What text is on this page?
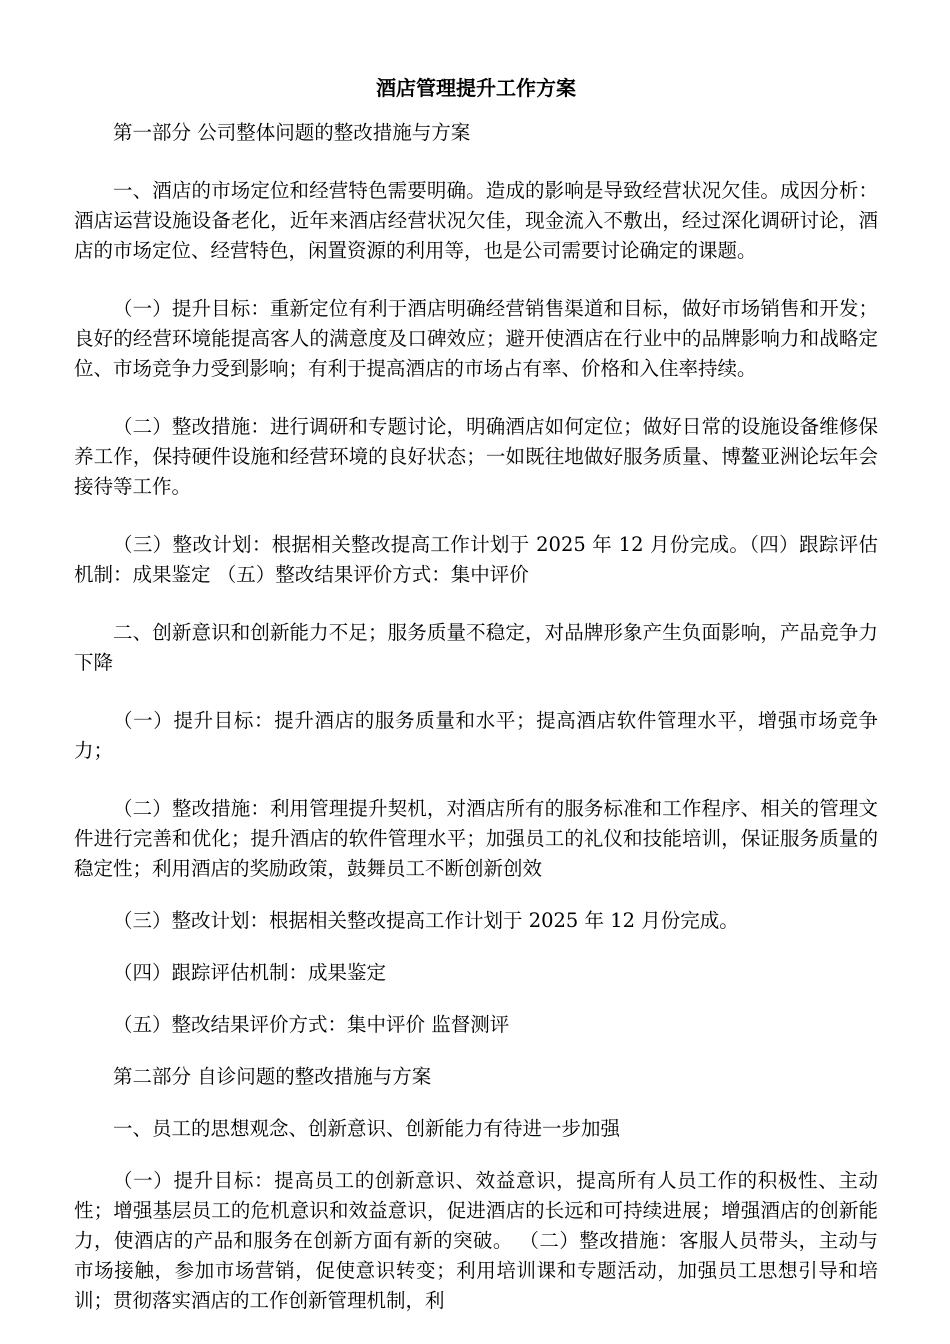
酒店管理提升工作方案

第一部分 公司整体问题的整改措施与方案

一、酒店的市场定位和经营特色需要明确。造成的影响是导致经营状况欠佳。成因分析：酒店运营设施设备老化，近年来酒店经营状况欠佳，现金流入不敷出，经过深化调研讨论，酒店的市场定位、经营特色，闲置资源的利用等，也是公司需要讨论确定的课题。

（一）提升目标：重新定位有利于酒店明确经营销售渠道和目标，做好市场销售和开发；良好的经营环境能提高客人的满意度及口碑效应；避开使酒店在行业中的品牌影响力和战略定位、市场竞争力受到影响；有利于提高酒店的市场占有率、价格和入住率持续。

（二）整改措施：进行调研和专题讨论，明确酒店如何定位；做好日常的设施设备维修保养工作，保持硬件设施和经营环境的良好状态；一如既往地做好服务质量、博鳌亚洲论坛年会接待等工作。

（三）整改计划：根据相关整改提高工作计划于 2025 年 12 月份完成。（四）跟踪评估机制：成果鉴定 （五）整改结果评价方式：集中评价

二、创新意识和创新能力不足；服务质量不稳定，对品牌形象产生负面影响，产品竞争力下降

（一）提升目标：提升酒店的服务质量和水平；提高酒店软件管理水平，增强市场竞争力；

（二）整改措施：利用管理提升契机，对酒店所有的服务标准和工作程序、相关的管理文件进行完善和优化；提升酒店的软件管理水平；加强员工的礼仪和技能培训，保证服务质量的稳定性；利用酒店的奖励政策，鼓舞员工不断创新创效

（三）整改计划：根据相关整改提高工作计划于 2025 年 12 月份完成。

（四）跟踪评估机制：成果鉴定

（五）整改结果评价方式：集中评价 监督测评

第二部分 自诊问题的整改措施与方案

一、员工的思想观念、创新意识、创新能力有待进一步加强

（一）提升目标：提高员工的创新意识、效益意识，提高所有人员工作的积极性、主动性；增强基层员工的危机意识和效益意识，促进酒店的长远和可持续进展；增强酒店的创新能力，使酒店的产品和服务在创新方面有新的突破。 （二）整改措施：客服人员带头，主动与市场接触，参加市场营销，促使意识转变；利用培训课和专题活动，加强员工思想引导和培训；贯彻落实酒店的工作创新管理机制，利
